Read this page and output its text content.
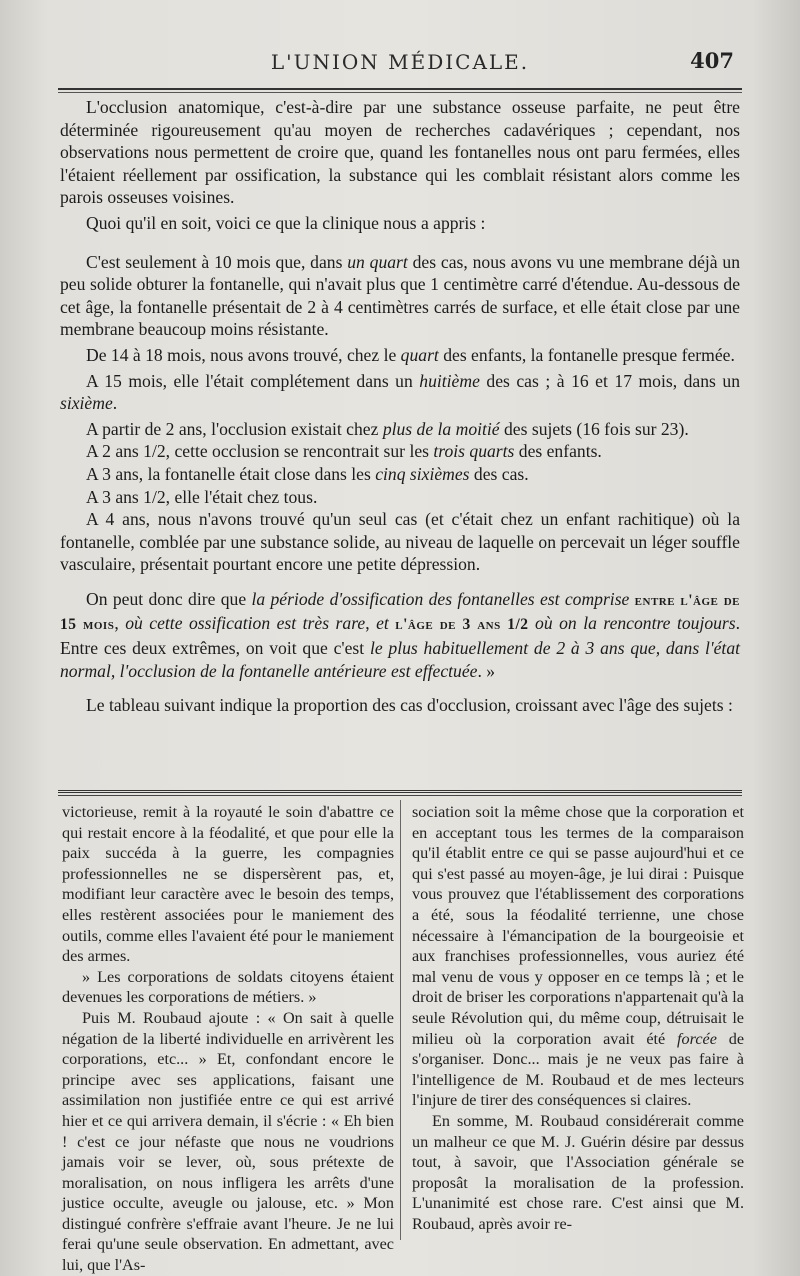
L'UNION MÉDICALE.	407

L'occlusion anatomique, c'est-à-dire par une substance osseuse parfaite, ne peut être déterminée rigoureusement qu'au moyen de recherches cadavériques ; cependant, nos observations nous permettent de croire que, quand les fontanelles nous ont paru fermées, elles l'étaient réellement par ossification, la substance qui les comblait résistant alors comme les parois osseuses voisines.

Quoi qu'il en soit, voici ce que la clinique nous a appris :

C'est seulement à 10 mois que, dans un quart des cas, nous avons vu une membrane déjà un peu solide obturer la fontanelle, qui n'avait plus que 1 centimètre carré d'étendue. Au-dessous de cet âge, la fontanelle présentait de 2 à 4 centimètres carrés de surface, et elle était close par une membrane beaucoup moins résistante.

De 14 à 18 mois, nous avons trouvé, chez le quart des enfants, la fontanelle presque fermée.

A 15 mois, elle l'était complétement dans un huitième des cas ; à 16 et 17 mois, dans un sixième.

A partir de 2 ans, l'occlusion existait chez plus de la moitié des sujets (16 fois sur 23).

A 2 ans 1/2, cette occlusion se rencontrait sur les trois quarts des enfants.

A 3 ans, la fontanelle était close dans les cinq sixièmes des cas.

A 3 ans 1/2, elle l'était chez tous.

A 4 ans, nous n'avons trouvé qu'un seul cas (et c'était chez un enfant rachitique) où la fontanelle, comblée par une substance solide, au niveau de laquelle on percevait un léger souffle vasculaire, présentait pourtant encore une petite dépression.

On peut donc dire que la période d'ossification des fontanelles est comprise entre l'âge de 15 mois, où cette ossification est très rare, et l'âge de 3 ans 1/2 où on la rencontre toujours. Entre ces deux extrêmes, on voit que c'est le plus habituellement de 2 à 3 ans que, dans l'état normal, l'occlusion de la fontanelle antérieure est effectuée. »

Le tableau suivant indique la proportion des cas d'occlusion, croissant avec l'âge des sujets :

victorieuse, remit à la royauté le soin d'abattre ce qui restait encore à la féodalité, et que pour elle la paix succéda à la guerre, les compagnies professionnelles ne se dispersèrent pas, et, modifiant leur caractère avec le besoin des temps, elles restèrent associées pour le maniement des outils, comme elles l'avaient été pour le maniement des armes.

» Les corporations de soldats citoyens étaient devenues les corporations de métiers. »

Puis M. Roubaud ajoute : « On sait à quelle négation de la liberté individuelle en arrivèrent les corporations, etc... » Et, confondant encore le principe avec ses applications, faisant une assimilation non justifiée entre ce qui est arrivé hier et ce qui arrivera demain, il s'écrie : « Eh bien ! c'est ce jour néfaste que nous ne voudrions jamais voir se lever, où, sous prétexte de moralisation, on nous infligera les arrêts d'une justice occulte, aveugle ou jalouse, etc. » Mon distingué confrère s'effraie avant l'heure. Je ne lui ferai qu'une seule observation. En admettant, avec lui, que l'As-

sociation soit la même chose que la corporation et en acceptant tous les termes de la comparaison qu'il établit entre ce qui se passe aujourd'hui et ce qui s'est passé au moyen-âge, je lui dirai : Puisque vous prouvez que l'établissement des corporations a été, sous la féodalité terrienne, une chose nécessaire à l'émancipation de la bourgeoisie et aux franchises professionnelles, vous auriez été mal venu de vous y opposer en ce temps là ; et le droit de briser les corporations n'appartenait qu'à la seule Révolution qui, du même coup, détruisait le milieu où la corporation avait été forcée de s'organiser. Donc... mais je ne veux pas faire à l'intelligence de M. Roubaud et de mes lecteurs l'injure de tirer des conséquences si claires.

En somme, M. Roubaud considérerait comme un malheur ce que M. J. Guérin désire par dessus tout, à savoir, que l'Association générale se proposât la moralisation de la profession. L'unanimité est chose rare. C'est ainsi que M. Roubaud, après avoir re-
